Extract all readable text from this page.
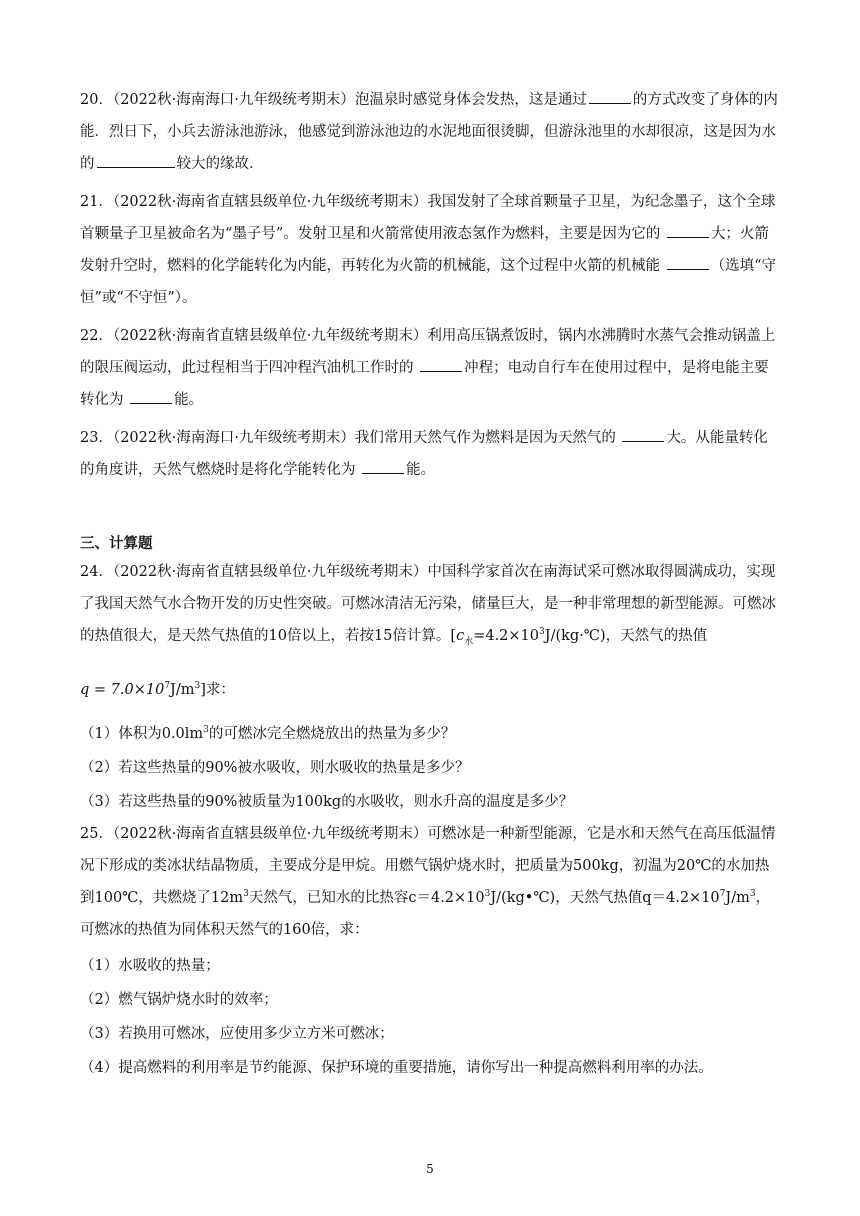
20．（2022秋·海南海口·九年级统考期末）泡温泉时感觉身体会发热，这是通过	的方式改变了身体的内能．烈日下，小兵去游泳池游泳，他感觉到游泳池边的水泥地面很烫脚，但游泳池里的水却很凉，这是因为水的	较大的缘故．

21．（2022秋·海南省直辖县级单位·九年级统考期末）我国发射了全球首颗量子卫星，为纪念墨子，这个全球首颗量子卫星被命名为“墨子号”。发射卫星和火箭常使用液态氢作为燃料，主要是因为它的	大；火箭发射升空时，燃料的化学能转化为内能，再转化为火箭的机械能，这个过程中火箭的机械能	（选填“守恒”或“不守恒”）。

22．（2022秋·海南省直辖县级单位·九年级统考期末）利用高压锅煮饭时，锅内水沸腾时水蒸气会推动锅盖上的限压阀运动，此过程相当于四冲程汽油机工作时的	冲程；电动自行车在使用过程中，是将电能主要转化为	能。

23．（2022秋·海南海口·九年级统考期末）我们常用天然气作为燃料是因为天然气的	大。从能量转化的角度讲，天然气燃烧时是将化学能转化为	能。

三、计算题

24．（2022秋·海南省直辖县级单位·九年级统考期末）中国科学家首次在南海试采可燃冰取得圆满成功，实现了我国天然气水合物开发的历史性突破。可燃冰清洁无污染，储量巨大，是一种非常理想的新型能源。可燃冰的热值很大，是天然气热值的10倍以上，若按15倍计算。[$c_水=4.2\times 10^3J/(kg\cdot℃)$，天然气的热值

$q = 7.0\times 10^7J/m^3$]求：

（1）体积为$0.0lm^3$的可燃冰完全燃烧放出的热量为多少？

（2）若这些热量的90%被水吸收，则水吸收的热量是多少？

（3）若这些热量的90%被质量为100kg的水吸收，则水升高的温度是多少？

25．（2022秋·海南省直辖县级单位·九年级统考期末）可燃冰是一种新型能源，它是水和天然气在高压低温情况下形成的类冰状结晶物质，主要成分是甲烷。用燃气锅炉烧水时，把质量为500kg，初温为20℃的水加热到100℃，共燃烧了$12m^3$天然气，已知水的比热容$c=4.2\times 10^3J/(kg•℃)$，天然气热值$q=4.2\times 10^7J/m^3$，可燃冰的热值为同体积天然气的160倍，求：

（1）水吸收的热量；

（2）燃气锅炉烧水时的效率；

（3）若换用可燃冰，应使用多少立方米可燃冰；

（4）提高燃料的利用率是节约能源、保护环境的重要措施，请你写出一种提高燃料利用率的办法。

5
